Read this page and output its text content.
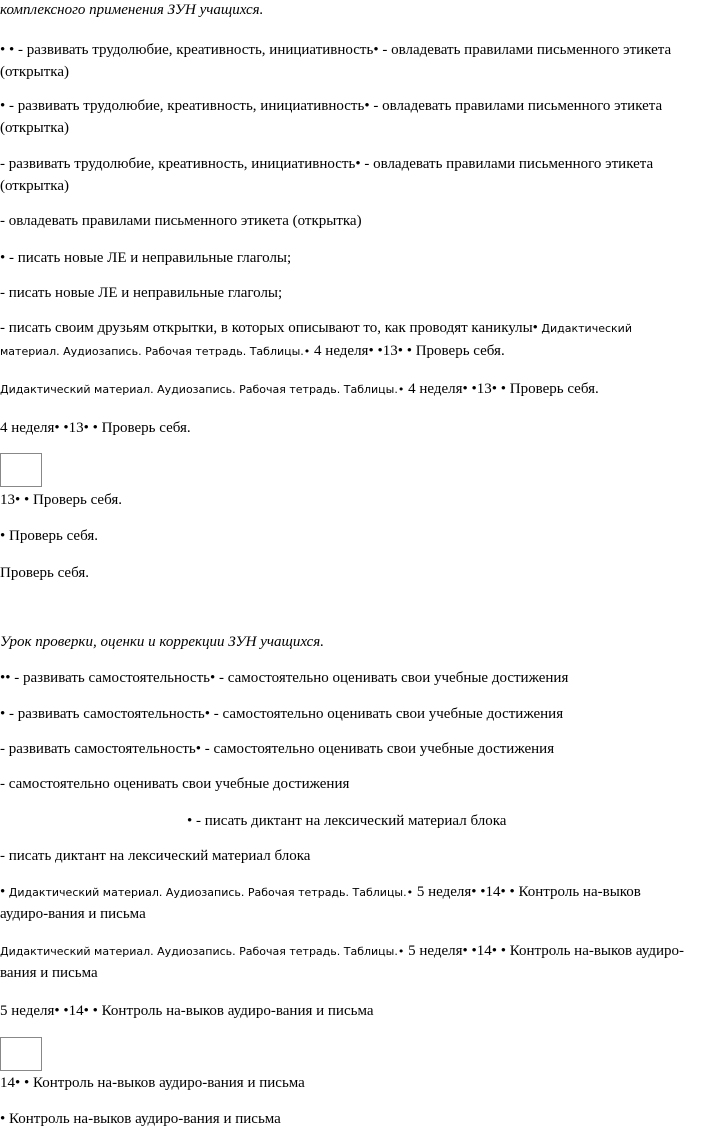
комплексного применения ЗУН учащихся.
• • - развивать трудолюбие, креативность, инициативность• - овладевать правилами письменного этикета
(открытка)
• - развивать трудолюбие, креативность, инициативность• - овладевать правилами письменного этикета
(открытка)
- развивать трудолюбие, креативность, инициативность• - овладевать правилами письменного этикета
(открытка)
- овладевать правилами письменного этикета (открытка)
• - писать новые ЛЕ и неправильные глаголы;
- писать новые ЛЕ и неправильные глаголы;
- писать своим друзьям открытки, в которых описывают то, как проводят каникулы• Дидактический
материал. Аудиозапись. Рабочая тетрадь. Таблицы.• 4 неделя• •13• • Проверь себя.
Дидактический материал. Аудиозапись. Рабочая тетрадь. Таблицы.• 4 неделя• •13• • Проверь себя.
4 неделя• •13• • Проверь себя.
13• • Проверь себя.
• Проверь себя.
Проверь себя.
Урок проверки, оценки и коррекции ЗУН учащихся.
•• - развивать самостоятельность• - самостоятельно оценивать свои учебные достижения
• - развивать самостоятельность• - самостоятельно оценивать свои учебные достижения
- развивать самостоятельность• - самостоятельно оценивать свои учебные достижения
- самостоятельно оценивать свои учебные достижения
• - писать диктант на лексический материал блока
- писать диктант на лексический материал блока
• Дидактический материал. Аудиозапись. Рабочая тетрадь. Таблицы.• 5 неделя• •14• • Контроль на-выков
аудиро-вания и письма
Дидактический материал. Аудиозапись. Рабочая тетрадь. Таблицы.• 5 неделя• •14• • Контроль на-выков аудиро-
вания и письма
5 неделя• •14• • Контроль на-выков аудиро-вания и письма
14• • Контроль на-выков аудиро-вания и письма
• Контроль на-выков аудиро-вания и письма
